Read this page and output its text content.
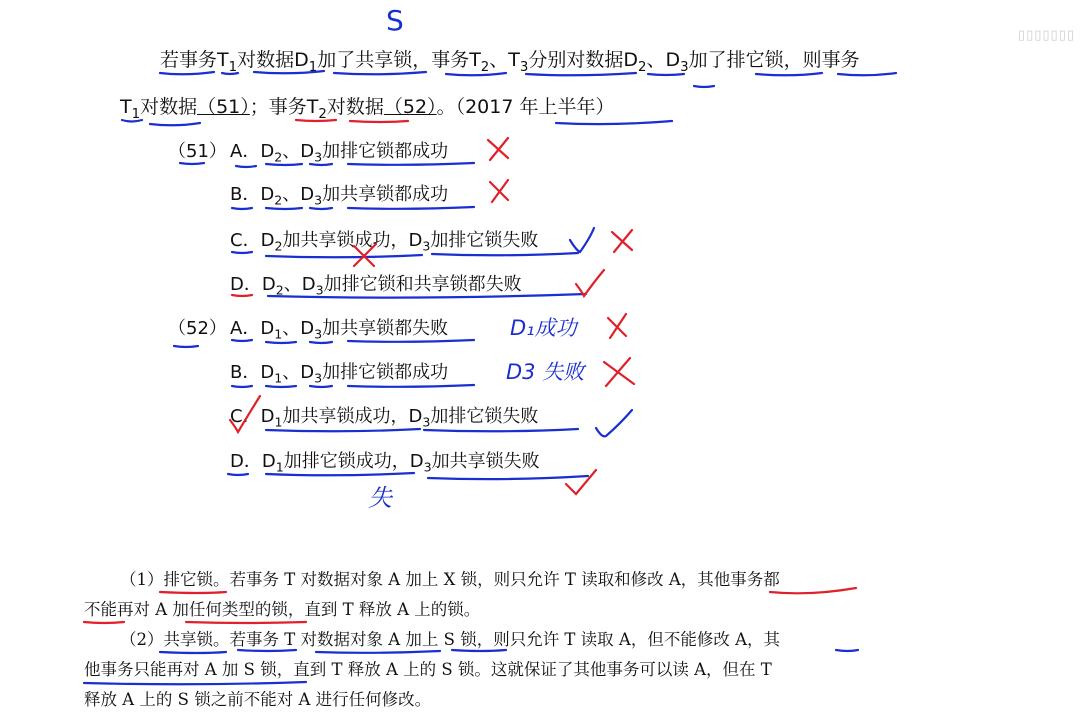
若事务$T_1$对数据$D_1$加了共享锁，事务$T_2$、$T_3$分别对数据$D_2$、$D_3$加了排它锁，则事务
$T_1$对数据（51）；事务$T_2$对数据（52）。（2017 年上半年）
（51） A．$D_2$、$D_3$加排它锁都成功
B．$D_2$、$D_3$加共享锁都成功
C．$D_2$加共享锁成功，$D_3$加排它锁失败
D．$D_2$、$D_3$加排它锁和共享锁都失败
（52） A．$D_1$、$D_3$加共享锁都失败
B．$D_1$、$D_3$加排它锁都成功
C．$D_1$加共享锁成功，$D_3$加排它锁失败
D．$D_1$加排它锁成功，$D_3$加共享锁失败
S
D₁成功
D3 失败
失
（1）排它锁。若事务 T 对数据对象 A 加上 X 锁，则只允许 T 读取和修改 A，其他事务都
不能再对 A 加任何类型的锁，直到 T 释放 A 上的锁。
（2）共享锁。若事务 T 对数据对象 A 加上 S 锁，则只允许 T 读取 A，但不能修改 A，其
他事务只能再对 A 加 S 锁，直到 T 释放 A 上的 S 锁。这就保证了其他事务可以读 A，但在 T
释放 A 上的 S 锁之前不能对 A 进行任何修改。
▯▯▯▯▯▯▯
